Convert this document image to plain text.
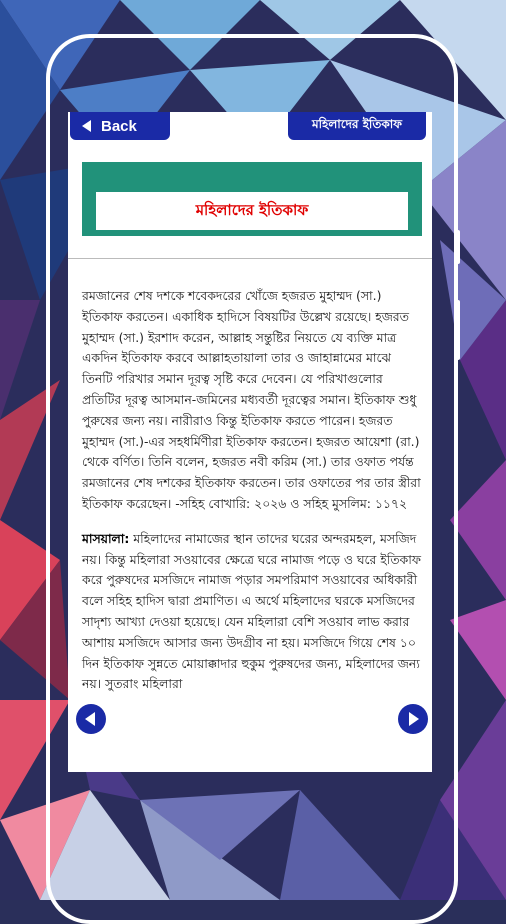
Back	মহিলাদের ইতিকাফ
মহিলাদের ইতিকাফ

রমজানের শেষ দশকে শবেকদরের খোঁজে হজরত মুহাম্মদ (সা.) ইতিকাফ করতেন। একাধিক হাদিসে বিষয়টির উল্লেখ রয়েছে। হজরত মুহাম্মদ (সা.) ইরশাদ করেন, আল্লাহ সন্তুষ্টির নিয়তে যে ব্যক্তি মাত্র একদিন ইতিকাফ করবে আল্লাহতায়ালা তার ও জাহান্নামের মাঝে তিনটি পরিখার সমান দূরত্ব সৃষ্টি করে দেবেন। যে পরিখাগুলোর প্রতিটির দূরত্ব আসমান-জমিনের মধ্যবর্তী দূরত্বের সমান। ইতিকাফ শুধু পুরুষের জন্য নয়। নারীরাও কিন্তু ইতিকাফ করতে পারেন। হজরত মুহাম্মদ (সা.)-এর সহধর্মিণীরা ইতিকাফ করতেন। হজরত আয়েশা (রা.) থেকে বর্ণিত। তিনি বলেন, হজরত নবী করিম (সা.) তার ওফাত পর্যন্ত রমজানের শেষ দশকের ইতিকাফ করতেন। তার ওফাতের পর তার স্ত্রীরা ইতিকাফ করেছেন। -সহিহ বোখারি: ২০২৬ ও সহিহ মুসলিম: ১১৭২

মাসয়ালা: মহিলাদের নামাজের স্থান তাদের ঘরের অন্দরমহল, মসজিদ নয়। কিন্তু মহিলারা সওয়াবের ক্ষেত্রে ঘরে নামাজ পড়ে ও ঘরে ইতিকাফ করে পুরুষদের মসজিদে নামাজ পড়ার সমপরিমাণ সওয়াবের অধিকারী বলে সহিহ হাদিস দ্বারা প্রমাণিত। এ অর্থে মহিলাদের ঘরকে মসজিদের সাদৃশ্য আখ্যা দেওয়া হয়েছে। যেন মহিলারা বেশি সওয়াব লাভ করার আশায় মসজিদে আসার জন্য উদগ্রীব না হয়। মসজিদে গিয়ে শেষ ১০ দিন ইতিকাফ সুন্নতে মোয়াক্কাদার হুকুম পুরুষদের জন্য, মহিলাদের জন্য নয়। সুতরাং মহিলারা
